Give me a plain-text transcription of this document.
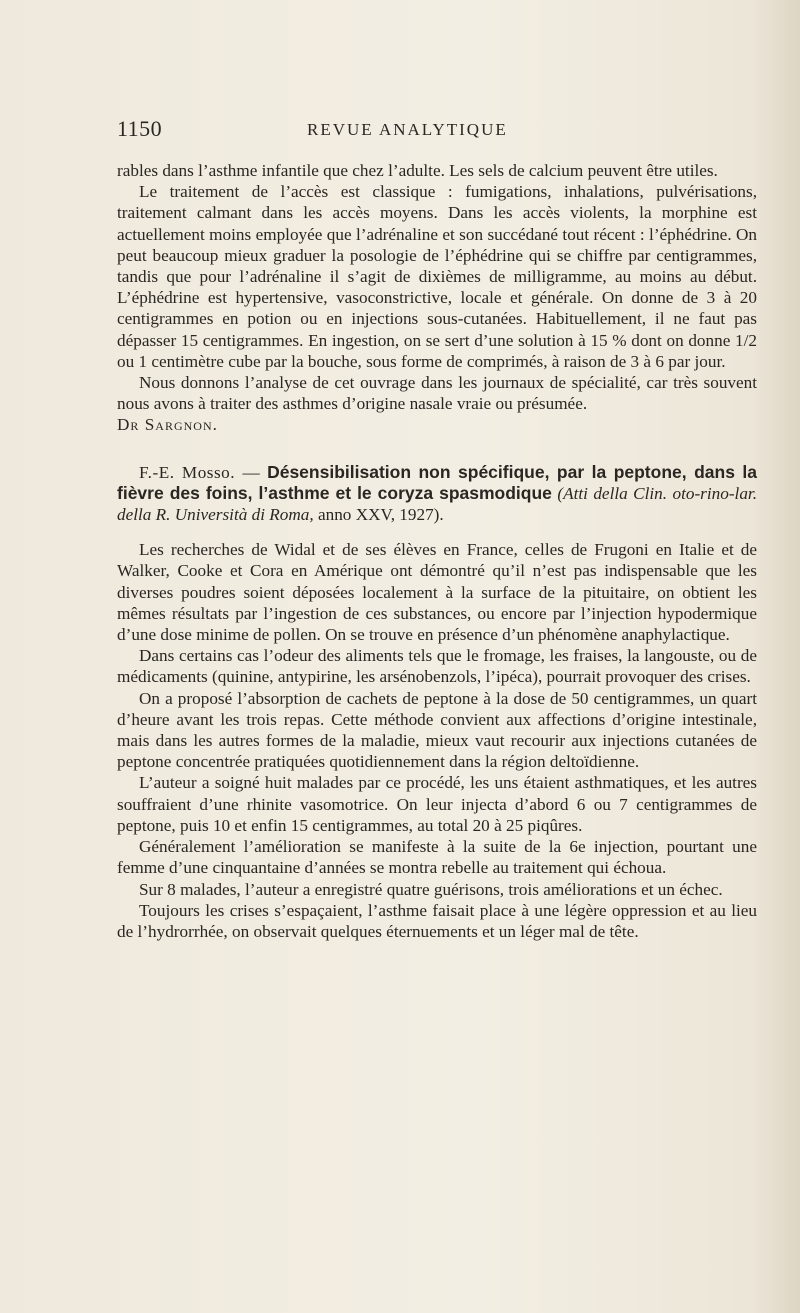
1150	REVUE ANALYTIQUE

rables dans l’asthme infantile que chez l’adulte. Les sels de calcium peuvent être utiles.

Le traitement de l’accès est classique : fumigations, inhalations, pulvérisations, traitement calmant dans les accès moyens. Dans les accès violents, la morphine est actuellement moins employée que l’adrénaline et son succédané tout récent : l’éphédrine. On peut beaucoup mieux graduer la posologie de l’éphédrine qui se chiffre par centigrammes, tandis que pour l’adrénaline il s’agit de dixièmes de milligramme, au moins au début. L’éphédrine est hypertensive, vasoconstrictive, locale et générale. On donne de 3 à 20 centigrammes en potion ou en injections sous-cutanées. Habituellement, il ne faut pas dépasser 15 centigrammes. En ingestion, on se sert d’une solution à 15 % dont on donne 1/2 ou 1 centimètre cube par la bouche, sous forme de comprimés, à raison de 3 à 6 par jour.

Nous donnons l’analyse de cet ouvrage dans les journaux de spécialité, car très souvent nous avons à traiter des asthmes d’origine nasale vraie ou présumée.

Dr Sargnon.

F.-E. Mosso. — Désensibilisation non spécifique, par la peptone, dans la fièvre des foins, l’asthme et le coryza spasmodique (Atti della Clin. oto-rino-lar. della R. Università di Roma, anno XXV, 1927).

Les recherches de Widal et de ses élèves en France, celles de Frugoni en Italie et de Walker, Cooke et Cora en Amérique ont démontré qu’il n’est pas indispensable que les diverses poudres soient déposées localement à la surface de la pituitaire, on obtient les mêmes résultats par l’ingestion de ces substances, ou encore par l’injection hypodermique d’une dose minime de pollen. On se trouve en présence d’un phénomène anaphylactique.

Dans certains cas l’odeur des aliments tels que le fromage, les fraises, la langouste, ou de médicaments (quinine, antypirine, les arsénobenzols, l’ipéca), pourrait provoquer des crises.

On a proposé l’absorption de cachets de peptone à la dose de 50 centigrammes, un quart d’heure avant les trois repas. Cette méthode convient aux affections d’origine intestinale, mais dans les autres formes de la maladie, mieux vaut recourir aux injections cutanées de peptone concentrée pratiquées quotidiennement dans la région deltoïdienne.

L’auteur a soigné huit malades par ce procédé, les uns étaient asthmatiques, et les autres souffraient d’une rhinite vasomotrice. On leur injecta d’abord 6 ou 7 centigrammes de peptone, puis 10 et enfin 15 centigrammes, au total 20 à 25 piqûres.

Généralement l’amélioration se manifeste à la suite de la 6e injection, pourtant une femme d’une cinquantaine d’années se montra rebelle au traitement qui échoua.

Sur 8 malades, l’auteur a enregistré quatre guérisons, trois améliorations et un échec.

Toujours les crises s’espaçaient, l’asthme faisait place à une légère oppression et au lieu de l’hydrorrhée, on observait quelques éternuements et un léger mal de tête.
